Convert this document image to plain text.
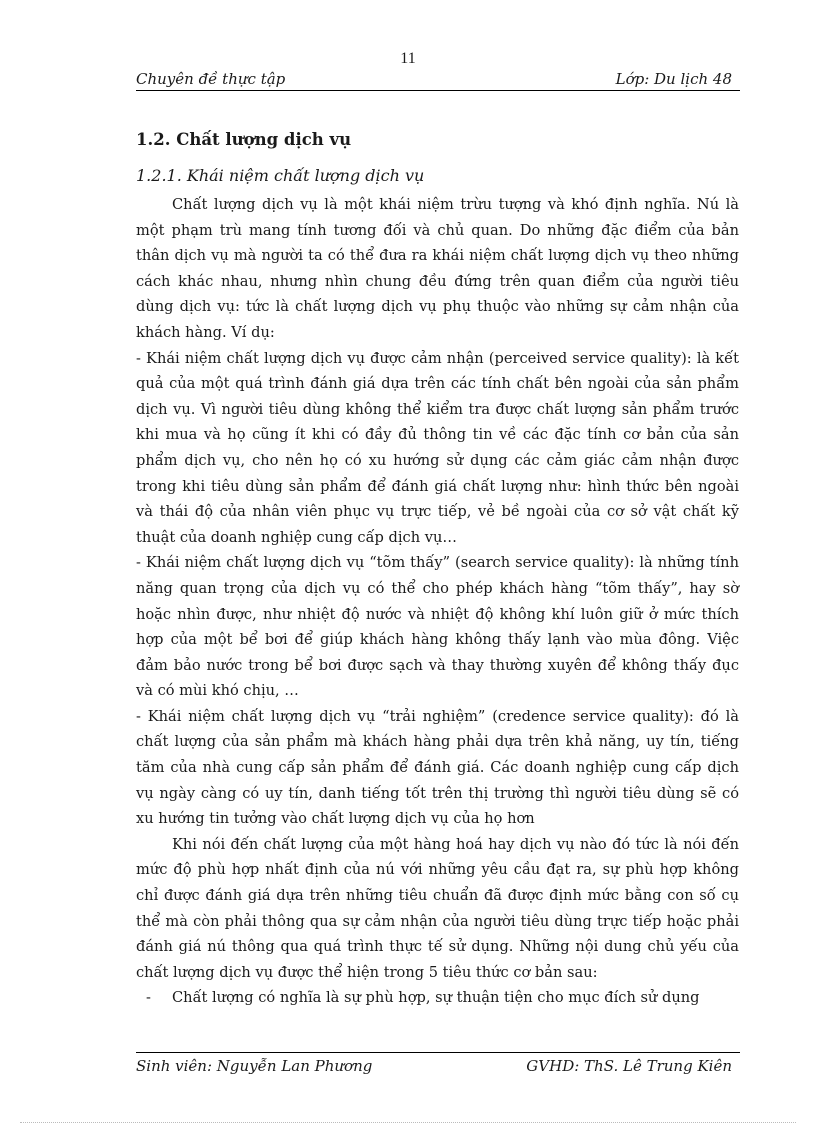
11
Chuyên đề thực tập	Lớp: Du lịch 48
1.2. Chất lượng dịch vụ
1.2.1. Khái niệm chất lượng dịch vụ

Chất lượng dịch vụ là một khái niệm trừu tượng và khó định nghĩa. Nú là một phạm trù mang tính tương đối và chủ quan. Do những đặc điểm của bản thân dịch vụ mà người ta có thể đưa ra khái niệm chất lượng dịch vụ theo những cách khác nhau, nhưng nhìn chung đều đứng trên quan điểm của người tiêu dùng dịch vụ: tức là chất lượng dịch vụ phụ thuộc vào những sự cảm nhận của khách hàng. Ví dụ:

- Khái niệm chất lượng dịch vụ được cảm nhận (perceived service quality): là kết quả của một quá trình đánh giá dựa trên các tính chất bên ngoài của sản phẩm dịch vụ. Vì người tiêu dùng không thể kiểm tra được chất lượng sản phẩm trước khi mua và họ cũng ít khi có đầy đủ thông tin về các đặc tính cơ bản của sản phẩm dịch vụ, cho nên họ có xu hướng sử dụng các cảm giác cảm nhận được trong khi tiêu dùng sản phẩm để đánh giá chất lượng như: hình thức bên ngoài và thái độ của nhân viên phục vụ trực tiếp, vẻ bề ngoài của cơ sở vật chất kỹ thuật của doanh nghiệp cung cấp dịch vụ…

- Khái niệm chất lượng dịch vụ “tõm thấy” (search service quality): là những tính năng quan trọng của dịch vụ có thể cho phép khách hàng “tõm thấy”, hay sờ hoặc nhìn được, như nhiệt độ nước và nhiệt độ không khí luôn giữ ở mức thích hợp của một bể bơi để giúp khách hàng không thấy lạnh vào mùa đông. Việc đảm bảo nước trong bể bơi được sạch và thay thường xuyên để không thấy đục và có mùi khó chịu, …

- Khái niệm chất lượng dịch vụ “trải nghiệm” (credence service quality): đó là chất lượng của sản phẩm mà khách hàng phải dựa trên khả năng, uy tín, tiếng tăm của nhà cung cấp sản phẩm để đánh giá. Các doanh nghiệp cung cấp dịch vụ ngày càng có uy tín, danh tiếng tốt trên thị trường thì người tiêu dùng sẽ có xu hướng tin tưởng vào chất lượng dịch vụ của họ hơn

Khi nói đến chất lượng của một hàng hoá hay dịch vụ nào đó tức là nói đến mức độ phù hợp nhất định của nú với những yêu cầu đạt ra, sự phù hợp không chỉ được đánh giá dựa trên những tiêu chuẩn đã được định mức bằng con số cụ thể mà còn phải thông qua sự cảm nhận của người tiêu dùng trực tiếp hoặc phải đánh giá nú thông qua quá trình thực tế sử dụng. Những nội dung chủ yếu của chất lượng dịch vụ được thể hiện trong 5 tiêu thức cơ bản sau:

- Chất lượng có nghĩa là sự phù hợp, sự thuận tiện cho mục đích sử dụng

Sinh viên: Nguyễn Lan Phương	GVHD: ThS. Lê Trung Kiên
